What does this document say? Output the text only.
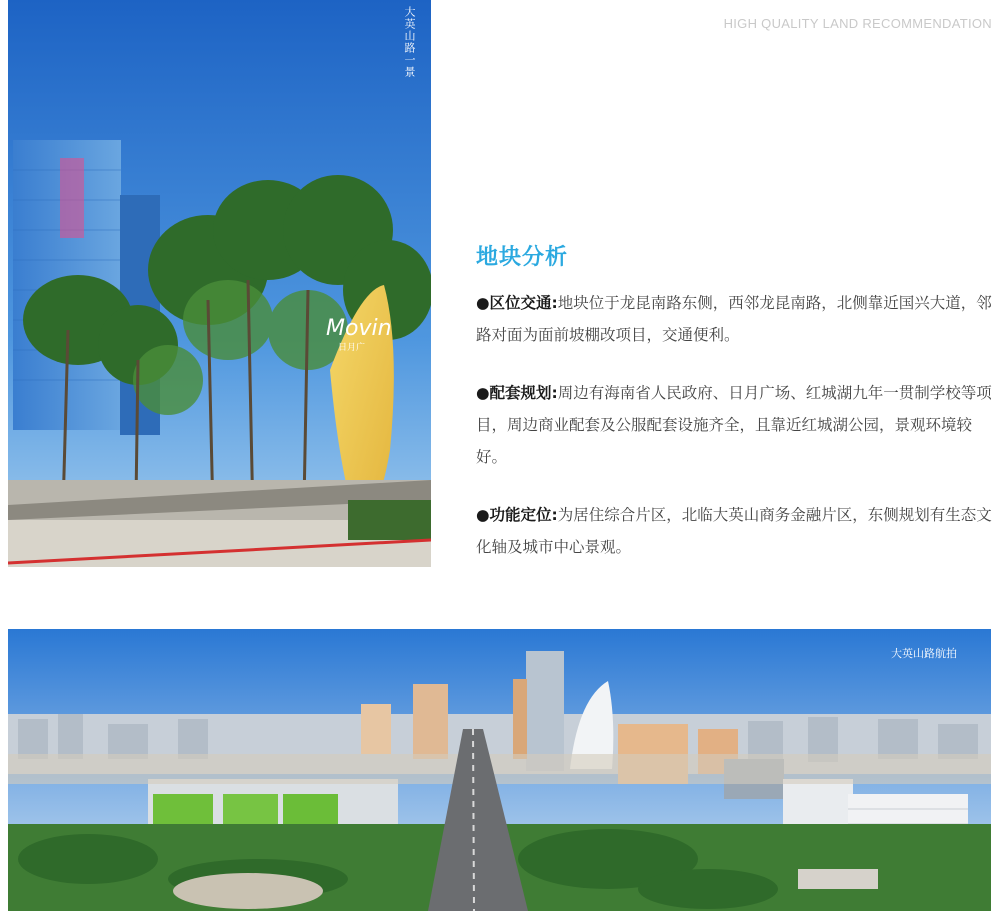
HIGH QUALITY LAND RECOMMENDATION
Movin
日月广
大英山路一景
地块分析

●区位交通:地块位于龙昆南路东侧，西邻龙昆南路，北侧靠近国兴大道，邻路对面为面前坡棚改项目，交通便利。

●配套规划:周边有海南省人民政府、日月广场、红城湖九年一贯制学校等项目，周边商业配套及公服配套设施齐全，且靠近红城湖公园，景观环境较好。

●功能定位:为居住综合片区，北临大英山商务金融片区，东侧规划有生态文化轴及城市中心景观。

大英山路航拍
